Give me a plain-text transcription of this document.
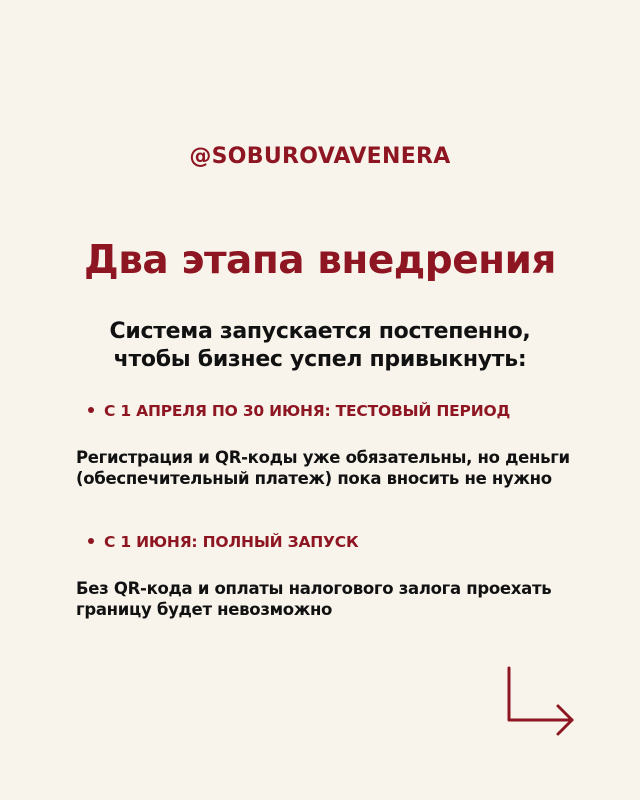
@SOBUROVAVENERA
Два этапа внедрения
Система запускается постепенно,
чтобы бизнес успел привыкнуть:
С 1 АПРЕЛЯ ПО 30 ИЮНЯ: ТЕСТОВЫЙ ПЕРИОД
Регистрация и QR-коды уже обязательны, но деньги (обеспечительный платеж) пока вносить не нужно
С 1 ИЮНЯ: ПОЛНЫЙ ЗАПУСК
Без QR-кода и оплаты налогового залога проехать границу будет невозможно
